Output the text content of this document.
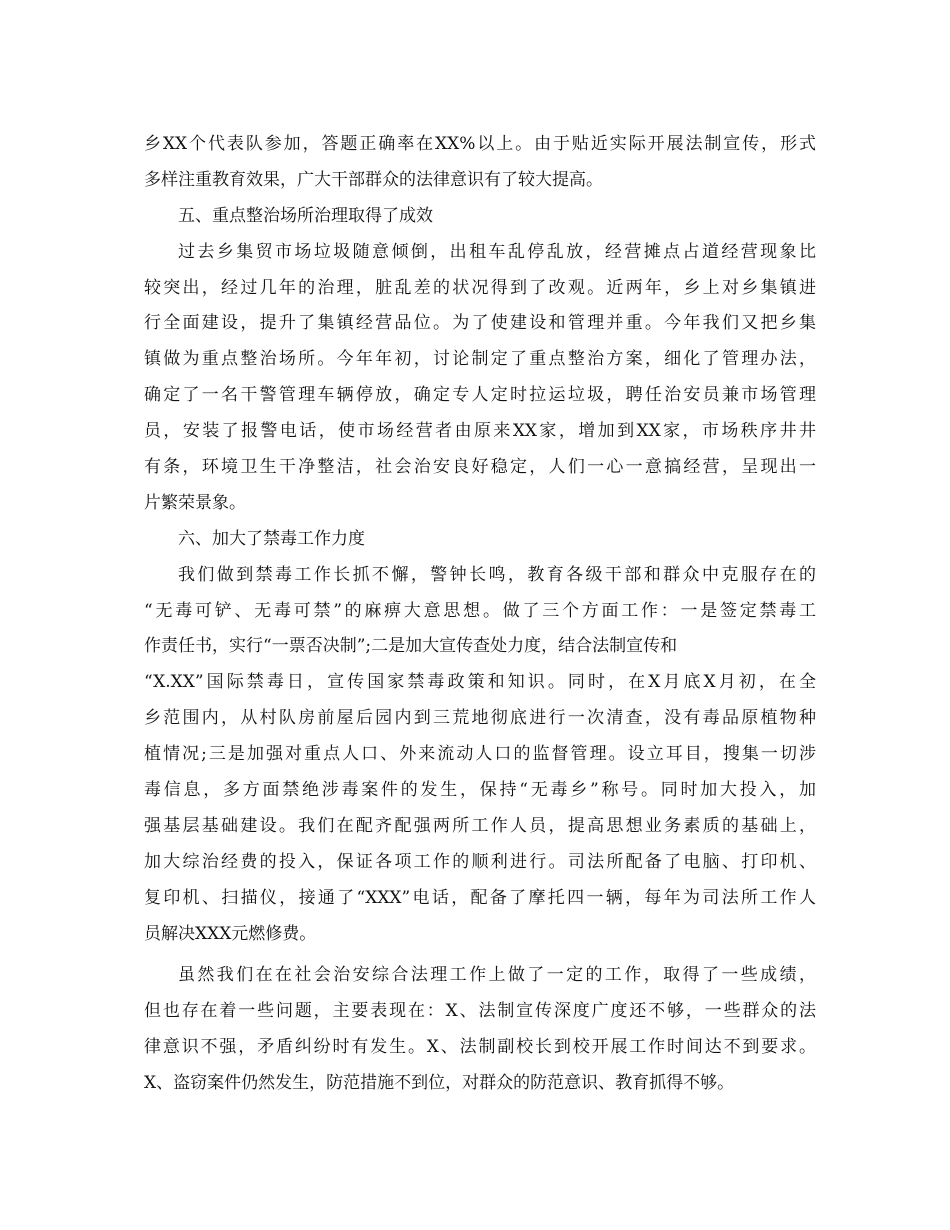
乡XX个代表队参加，答题正确率在XX%以上。由于贴近实际开展法制宣传，形式
多样注重教育效果，广大干部群众的法律意识有了较大提高。
五、重点整治场所治理取得了成效
过去乡集贸市场垃圾随意倾倒，出租车乱停乱放，经营摊点占道经营现象比
较突出，经过几年的治理，脏乱差的状况得到了改观。近两年，乡上对乡集镇进
行全面建设，提升了集镇经营品位。为了使建设和管理并重。今年我们又把乡集
镇做为重点整治场所。今年年初，讨论制定了重点整治方案，细化了管理办法，
确定了一名干警管理车辆停放，确定专人定时拉运垃圾，聘任治安员兼市场管理
员，安装了报警电话，使市场经营者由原来XX家，增加到XX家，市场秩序井井
有条，环境卫生干净整洁，社会治安良好稳定，人们一心一意搞经营，呈现出一
片繁荣景象。
六、加大了禁毒工作力度
我们做到禁毒工作长抓不懈，警钟长鸣，教育各级干部和群众中克服存在的
“无毒可铲、无毒可禁”的麻痹大意思想。做了三个方面工作：一是签定禁毒工
作责任书，实行“一票否决制”;二是加大宣传查处力度，结合法制宣传和
“X.XX”国际禁毒日，宣传国家禁毒政策和知识。同时，在X月底X月初，在全
乡范围内，从村队房前屋后园内到三荒地彻底进行一次清查，没有毒品原植物种
植情况;三是加强对重点人口、外来流动人口的监督管理。设立耳目，搜集一切涉
毒信息，多方面禁绝涉毒案件的发生，保持“无毒乡”称号。同时加大投入，加
强基层基础建设。我们在配齐配强两所工作人员，提高思想业务素质的基础上，
加大综治经费的投入，保证各项工作的顺利进行。司法所配备了电脑、打印机、
复印机、扫描仪，接通了“XXX”电话，配备了摩托四一辆，每年为司法所工作人
员解决XXX元燃修费。
虽然我们在在社会治安综合法理工作上做了一定的工作，取得了一些成绩，
但也存在着一些问题，主要表现在：X、法制宣传深度广度还不够，一些群众的法
律意识不强，矛盾纠纷时有发生。X、法制副校长到校开展工作时间达不到要求。
X、盗窃案件仍然发生，防范措施不到位，对群众的防范意识、教育抓得不够。
